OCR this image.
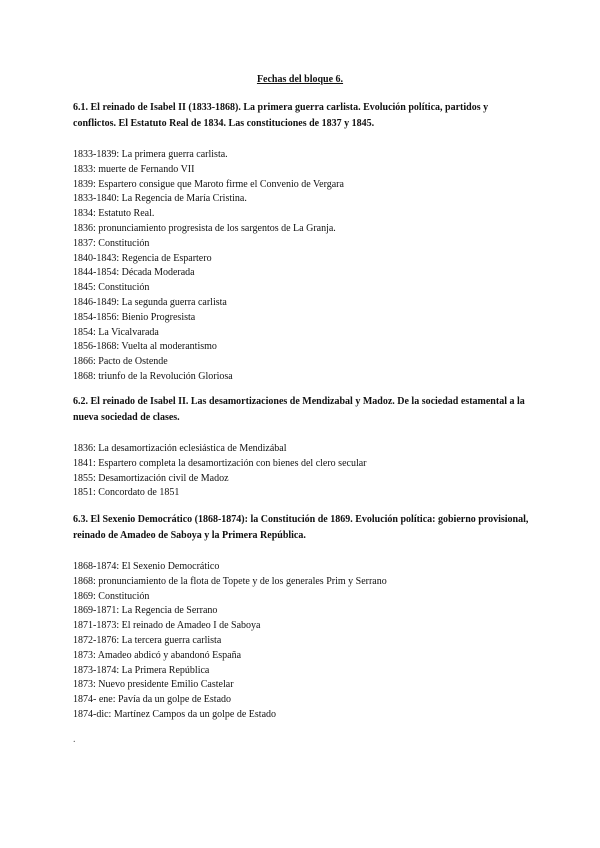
Fechas del bloque 6.

6.1. El reinado de Isabel II (1833-1868). La primera guerra carlista. Evolución política, partidos y conflictos. El Estatuto Real de 1834. Las constituciones de 1837 y 1845.

1833-1839: La primera guerra carlista.
1833: muerte de Fernando VII
1839: Espartero consigue que Maroto firme el Convenio de Vergara
1833-1840: La Regencia de María Cristina.
1834: Estatuto Real.
1836: pronunciamiento progresista de los sargentos de La Granja.
1837: Constitución
1840-1843: Regencia de Espartero
1844-1854: Década Moderada
1845: Constitución
1846-1849: La segunda guerra carlista
1854-1856: Bienio Progresista
1854: La Vicalvarada
1856-1868: Vuelta al moderantismo
1866: Pacto de Ostende
1868: triunfo de la Revolución Gloriosa

6.2. El reinado de Isabel II. Las desamortizaciones de Mendizabal y Madoz. De la sociedad estamental a la nueva sociedad de clases.

1836: La desamortización eclesiástica de Mendizábal
1841: Espartero completa la desamortización con bienes del clero secular
1855: Desamortización civil de Madoz
1851: Concordato de 1851

6.3. El Sexenio Democrático (1868-1874): la Constitución de 1869. Evolución política: gobierno provisional, reinado de Amadeo de Saboya y la Primera República.

1868-1874: El Sexenio Democrático
1868: pronunciamiento de la flota de Topete y de los generales Prim y Serrano
1869: Constitución
1869-1871: La Regencia de Serrano
1871-1873: El reinado de Amadeo I de Saboya
1872-1876: La tercera guerra carlista
1873: Amadeo abdicó y abandonó España
1873-1874: La Primera República
1873: Nuevo presidente Emilio Castelar
1874- ene: Pavía da un golpe de Estado
1874-dic: Martínez Campos da un golpe de Estado
.
